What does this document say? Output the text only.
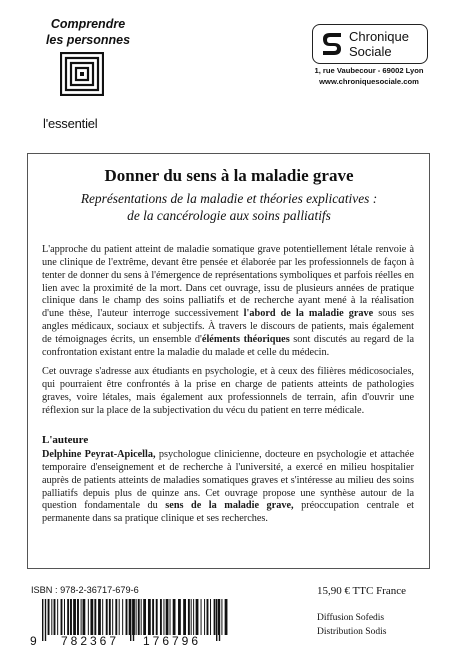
Comprendre
les personnes
l'essentiel
Chronique
Sociale
1, rue Vaubecour - 69002 Lyon
www.chroniquesociale.com
Donner du sens à la maladie grave
Représentations de la maladie et théories explicatives :
de la cancérologie aux soins palliatifs
L'approche du patient atteint de maladie somatique grave potentiellement létale renvoie à une clinique de l'extrême, devant être pensée et élaborée par les professionnels de façon à tenter de donner du sens à l'émergence de représentations symboliques et parfois réelles en lien avec la proximité de la mort. Dans cet ouvrage, issu de plusieurs années de pratique clinique dans le champ des soins palliatifs et de recherche ayant mené à la réalisation d'une thèse, l'auteur interroge successivement l'abord de la maladie grave sous ses angles médicaux, sociaux et subjectifs. À travers le discours de patients, mais également de témoignages écrits, un ensemble d'éléments théoriques sont discutés au regard de la confrontation existant entre la maladie du malade et celle du médecin.
Cet ouvrage s'adresse aux étudiants en psychologie, et à ceux des filières médicosociales, qui pourraient être confrontés à la prise en charge de patients atteints de pathologies graves, voire létales, mais également aux professionnels de terrain, afin d'ouvrir une réflexion sur la place de la subjectivation du vécu du patient en terre médicale.
L'auteure
Delphine Peyrat-Apicella, psychologue clinicienne, docteure en psychologie et attachée temporaire d'enseignement et de recherche à l'université, a exercé en milieu hospitalier auprès de patients atteints de maladies somatiques graves et s'intéresse au milieu des soins palliatifs depuis plus de quinze ans. Cet ouvrage propose une synthèse autour de la question fondamentale du sens de la maladie grave, préoccupation centrale et permanente dans sa pratique clinique et ses recherches.
ISBN : 978-2-36717-679-6
9 782367 176796
15,90 € TTC France
Diffusion Sofedis
Distribution Sodis
